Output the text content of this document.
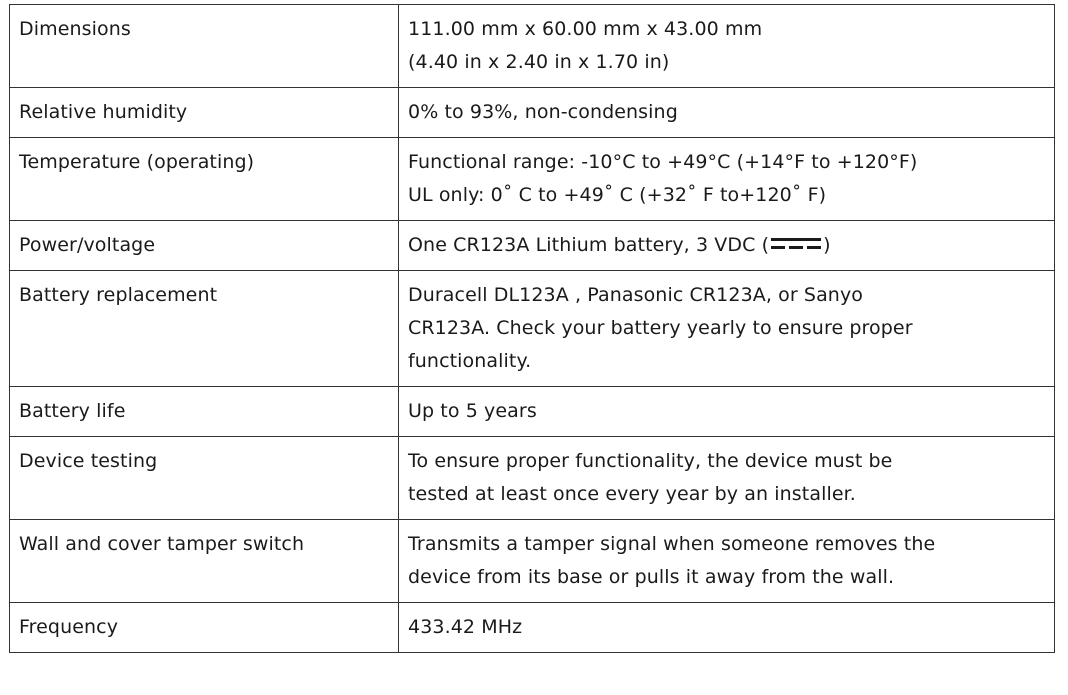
Dimensions	111.00 mm x 60.00 mm x 43.00 mm
(4.40 in x 2.40 in x 1.70 in)

Relative humidity	0% to 93%, non-condensing

Temperature (operating)	Functional range: -10°C to +49°C (+14°F to +120°F)
UL only: 0˚ C to +49˚ C (+32˚ F to+120˚ F)

Power/voltage	One CR123A Lithium battery, 3 VDC ( )

Battery replacement	Duracell DL123A , Panasonic CR123A, or Sanyo
CR123A. Check your battery yearly to ensure proper
functionality.

Battery life	Up to 5 years

Device testing	To ensure proper functionality, the device must be
tested at least once every year by an installer.

Wall and cover tamper switch	Transmits a tamper signal when someone removes the
device from its base or pulls it away from the wall.

Frequency	433.42 MHz
